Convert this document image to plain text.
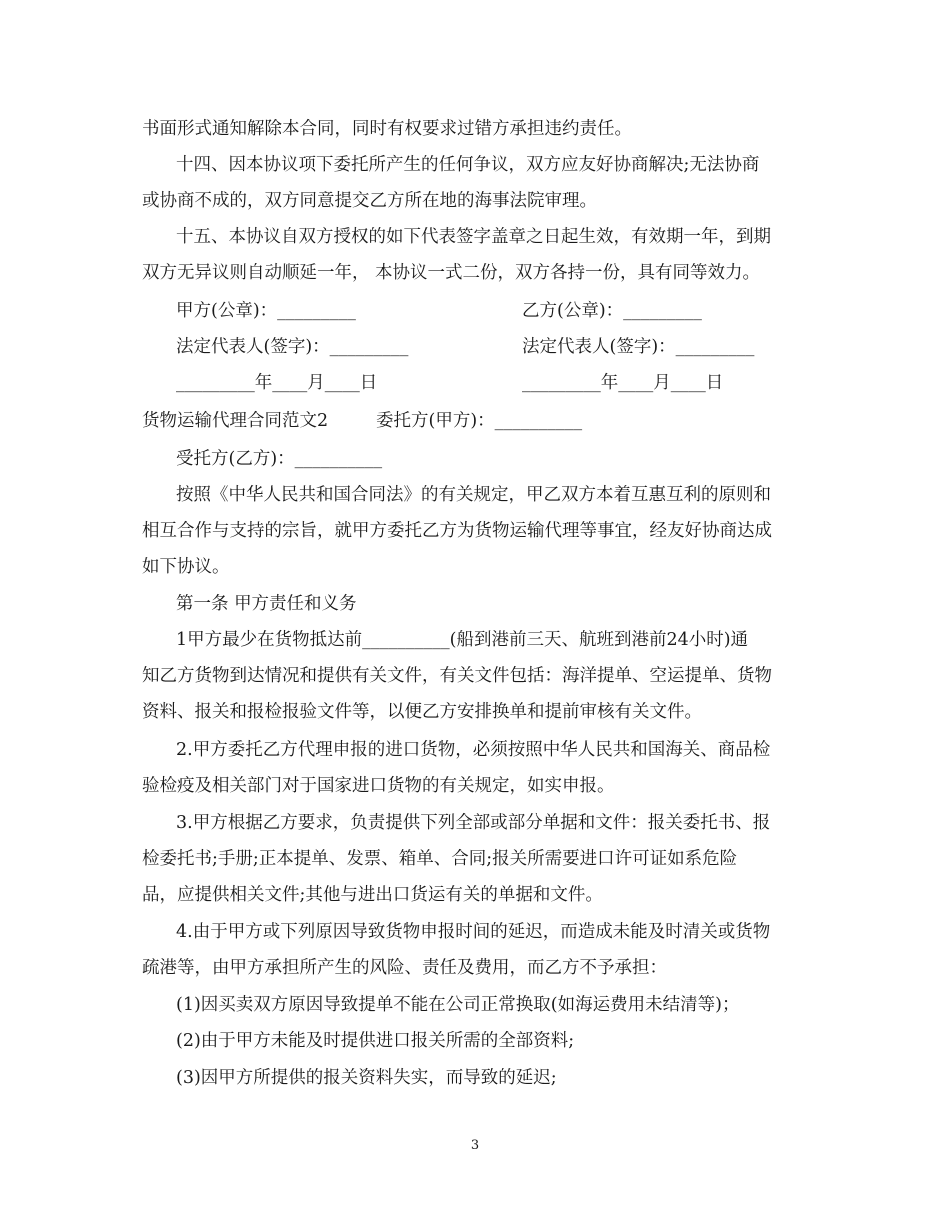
书面形式通知解除本合同，同时有权要求过错方承担违约责任。
十四、因本协议项下委托所产生的任何争议，双方应友好协商解决;无法协商
或协商不成的，双方同意提交乙方所在地的海事法院审理。
十五、本协议自双方授权的如下代表签字盖章之日起生效，有效期一年，到期
双方无异议则自动顺延一年， 本协议一式二份，双方各持一份，具有同等效力。
甲方(公章)：_________	乙方(公章)：_________
法定代表人(签字)：_________	法定代表人(签字)：_________
_________年____月____日	_________年____月____日
货物运输代理合同范文2	委托方(甲方)：__________
受托方(乙方)：__________
按照《中华人民共和国合同法》的有关规定，甲乙双方本着互惠互利的原则和
相互合作与支持的宗旨，就甲方委托乙方为货物运输代理等事宜，经友好协商达成
如下协议。
第一条 甲方责任和义务
1甲方最少在货物抵达前__________(船到港前三天、航班到港前24小时)通
知乙方货物到达情况和提供有关文件，有关文件包括：海洋提单、空运提单、货物
资料、报关和报检报验文件等，以便乙方安排换单和提前审核有关文件。
2.甲方委托乙方代理申报的进口货物，必须按照中华人民共和国海关、商品检
验检疫及相关部门对于国家进口货物的有关规定，如实申报。
3.甲方根据乙方要求，负责提供下列全部或部分单据和文件：报关委托书、报
检委托书;手册;正本提单、发票、箱单、合同;报关所需要进口许可证如系危险
品，应提供相关文件;其他与进出口货运有关的单据和文件。
4.由于甲方或下列原因导致货物申报时间的延迟，而造成未能及时清关或货物
疏港等，由甲方承担所产生的风险、责任及费用，而乙方不予承担：
(1)因买卖双方原因导致提单不能在公司正常换取(如海运费用未结清等)；
(2)由于甲方未能及时提供进口报关所需的全部资料;
(3)因甲方所提供的报关资料失实，而导致的延迟;
3
